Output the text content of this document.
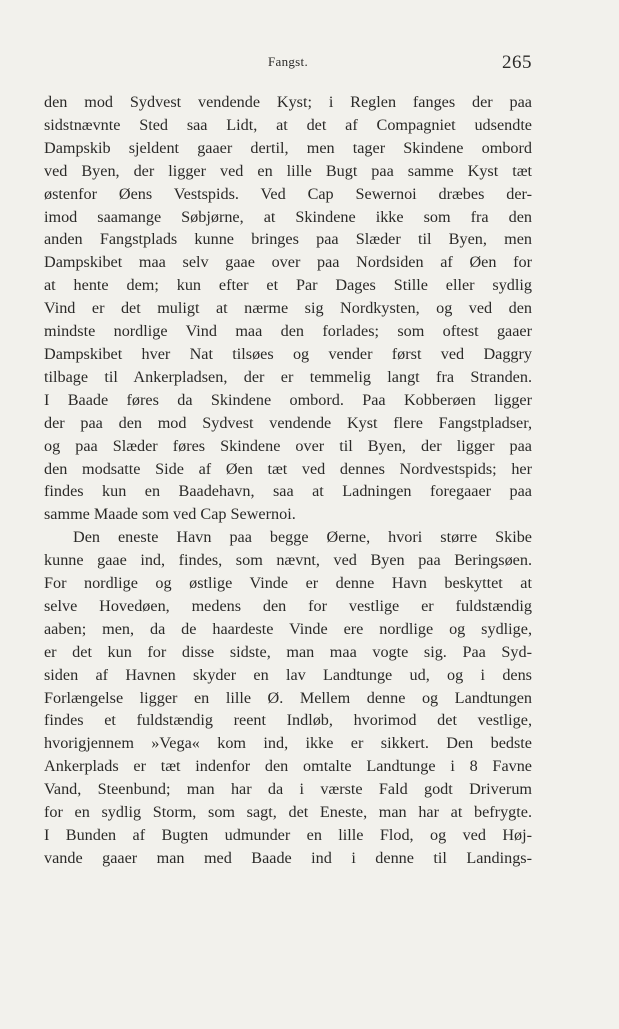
Fangst.	265
den mod Sydvest vendende Kyst; i Reglen fanges der paa
sidstnævnte Sted saa Lidt, at det af Compagniet udsendte
Dampskib sjeldent gaaer dertil, men tager Skindene ombord
ved Byen, der ligger ved en lille Bugt paa samme Kyst tæt
østenfor Øens Vestspids. Ved Cap Sewernoi dræbes der-
imod saamange Søbjørne, at Skindene ikke som fra den
anden Fangstplads kunne bringes paa Slæder til Byen, men
Dampskibet maa selv gaae over paa Nordsiden af Øen for
at hente dem; kun efter et Par Dages Stille eller sydlig
Vind er det muligt at nærme sig Nordkysten, og ved den
mindste nordlige Vind maa den forlades; som oftest gaaer
Dampskibet hver Nat tilsøes og vender først ved Daggry
tilbage til Ankerpladsen, der er temmelig langt fra Stranden.
I Baade føres da Skindene ombord. Paa Kobberøen ligger
der paa den mod Sydvest vendende Kyst flere Fangstpladser,
og paa Slæder føres Skindene over til Byen, der ligger paa
den modsatte Side af Øen tæt ved dennes Nordvestspids; her
findes kun en Baadehavn, saa at Ladningen foregaaer paa
samme Maade som ved Cap Sewernoi.
Den eneste Havn paa begge Øerne, hvori større Skibe
kunne gaae ind, findes, som nævnt, ved Byen paa Beringsøen.
For nordlige og østlige Vinde er denne Havn beskyttet at
selve Hovedøen, medens den for vestlige er fuldstændig
aaben; men, da de haardeste Vinde ere nordlige og sydlige,
er det kun for disse sidste, man maa vogte sig. Paa Syd-
siden af Havnen skyder en lav Landtunge ud, og i dens
Forlængelse ligger en lille Ø. Mellem denne og Landtungen
findes et fuldstændig reent Indløb, hvorimod det vestlige,
hvorigjennem »Vega« kom ind, ikke er sikkert. Den bedste
Ankerplads er tæt indenfor den omtalte Landtunge i 8 Favne
Vand, Steenbund; man har da i værste Fald godt Driverum
for en sydlig Storm, som sagt, det Eneste, man har at befrygte.
I Bunden af Bugten udmunder en lille Flod, og ved Høj-
vande gaaer man med Baade ind i denne til Landings-
